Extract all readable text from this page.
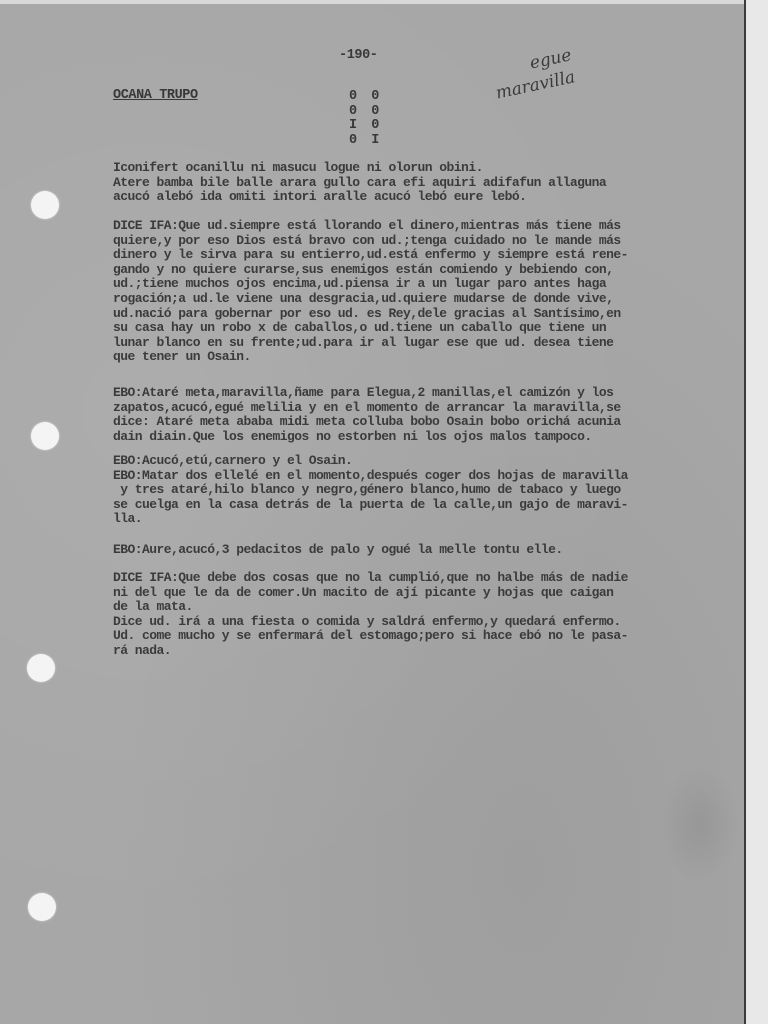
-190-
OCANA TRUPO
egue
maravilla
0 0
0 0
I 0
0 I
Iconifert ocanillu ni masucu logue ni olorun obini.
Atere bamba bile balle arara gullo cara efi aquiri adifafun allaguna
acucó alebó ida omiti intori aralle acucó lebó eure lebó.
DICE IFA:Que ud.siempre está llorando el dinero,mientras más tiene más
quiere,y por eso Dios está bravo con ud.;tenga cuidado no le mande más
dinero y le sirva para su entierro,ud.está enfermo y siempre está rene-
gando y no quiere curarse,sus enemigos están comiendo y bebiendo con,
ud.;tiene muchos ojos encima,ud.piensa ir a un lugar paro antes haga
rogación;a ud.le viene una desgracia,ud.quiere mudarse de donde vive,
ud.nació para gobernar por eso ud. es Rey,dele gracias al Santísimo,en
su casa hay un robo x de caballos,o ud.tiene un caballo que tiene un
lunar blanco en su frente;ud.para ir al lugar ese que ud. desea tiene
que tener un Osain.
EBO:Ataré meta,maravilla,ñame para Elegua,2 manillas,el camizón y los
zapatos,acucó,egué melilia y en el momento de arrancar la maravilla,se
dice: Ataré meta ababa midi meta colluba bobo Osain bobo orichá acunia
dain diain.Que los enemigos no estorben ni los ojos malos tampoco.
EBO:Acucó,etú,carnero y el Osain.
EBO:Matar dos ellelé en el momento,después coger dos hojas de maravilla
y tres ataré,hilo blanco y negro,género blanco,humo de tabaco y luego
se cuelga en la casa detrás de la puerta de la calle,un gajo de maravi-
lla.
EBO:Aure,acucó,3 pedacitos de palo y ogué la melle tontu elle.
DICE IFA:Que debe dos cosas que no la cumplió,que no halbe más de nadie
ni del que le da de comer.Un macito de ají picante y hojas que caigan
de la mata.
Dice ud. irá a una fiesta o comida y saldrá enfermo,y quedará enfermo.
Ud. come mucho y se enfermará del estomago;pero si hace ebó no le pasa-
rá nada.
